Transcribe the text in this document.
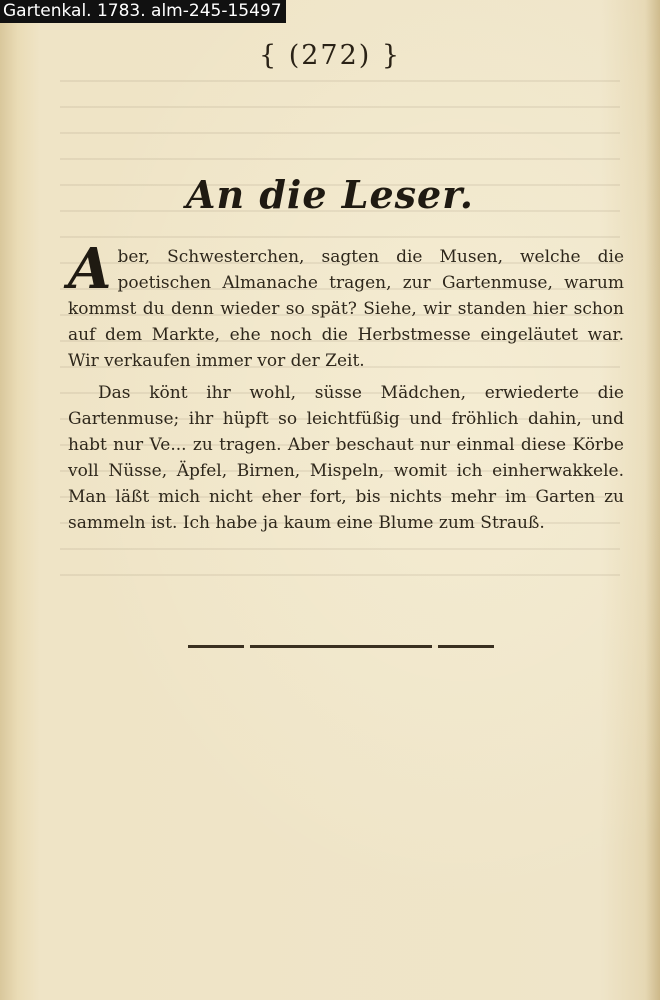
Gartenkal. 1783. alm-245-15497
{ (272) }
An die Leser.

Aber, Schwesterchen, sagten die Musen, welche die poetischen Almanache tragen, zur Gartenmuse, warum kommst du denn wieder so spät? Siehe, wir standen hier schon auf dem Markte, ehe noch die Herbstmesse eingeläutet war. Wir verkaufen immer vor der Zeit.

Das könt ihr wohl, süsse Mädchen, erwiederte die Gartenmuse; ihr hüpft so leichtfüßig und fröhlich dahin, und habt nur Ve... zu tragen. Aber beschaut nur einmal diese Körbe voll Nüsse, Äpfel, Birnen, Mispeln, womit ich einherwakkele. Man läßt mich nicht eher fort, bis nichts mehr im Garten zu sammeln ist. Ich habe ja kaum eine Blume zum Strauß.
